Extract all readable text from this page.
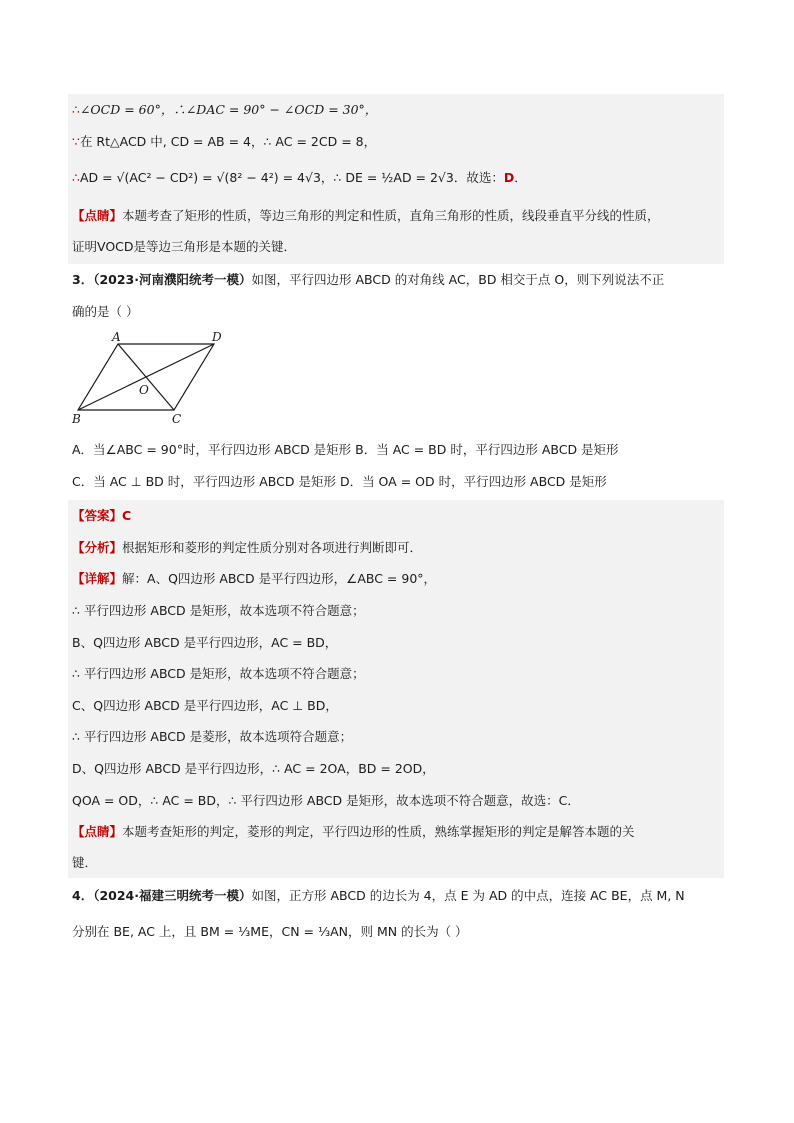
∴∠OCD = 60°，∴∠DAC = 90° − ∠OCD = 30°，
∵在 Rt△ACD 中, CD = AB = 4，∴ AC = 2CD = 8，
∴AD = √(AC² − CD²) = √(8² − 4²) = 4√3，∴ DE = ½AD = 2√3．故选：D．
【点睛】本题考查了矩形的性质，等边三角形的判定和性质，直角三角形的性质，线段垂直平分线的性质，
证明VOCD是等边三角形是本题的关键．
3．（2023·河南濮阳统考一模）如图，平行四边形 ABCD 的对角线 AC，BD 相交于点 O，则下列说法不正
确的是（ ）
A	D
B	C
O
A．当∠ABC = 90°时，平行四边形 ABCD 是矩形 B．当 AC = BD 时，平行四边形 ABCD 是矩形
C．当 AC ⊥ BD 时，平行四边形 ABCD 是矩形 D．当 OA = OD 时，平行四边形 ABCD 是矩形
【答案】C
【分析】根据矩形和菱形的判定性质分别对各项进行判断即可．
【详解】解：A、Q四边形 ABCD 是平行四边形，∠ABC = 90°，
∴ 平行四边形 ABCD 是矩形，故本选项不符合题意；
B、Q四边形 ABCD 是平行四边形，AC = BD，
∴ 平行四边形 ABCD 是矩形，故本选项不符合题意；
C、Q四边形 ABCD 是平行四边形，AC ⊥ BD，
∴ 平行四边形 ABCD 是菱形，故本选项符合题意；
D、Q四边形 ABCD 是平行四边形，∴ AC = 2OA，BD = 2OD，
QOA = OD，∴ AC = BD，∴ 平行四边形 ABCD 是矩形，故本选项不符合题意，故选：C．
【点睛】本题考查矩形的判定，菱形的判定，平行四边形的性质，熟练掌握矩形的判定是解答本题的关
键．
4．（2024·福建三明统考一模）如图，正方形 ABCD 的边长为 4，点 E 为 AD 的中点，连接 AC BE，点 M, N
分别在 BE, AC 上，且 BM = ⅓ME，CN = ⅓AN，则 MN 的长为（ ）
